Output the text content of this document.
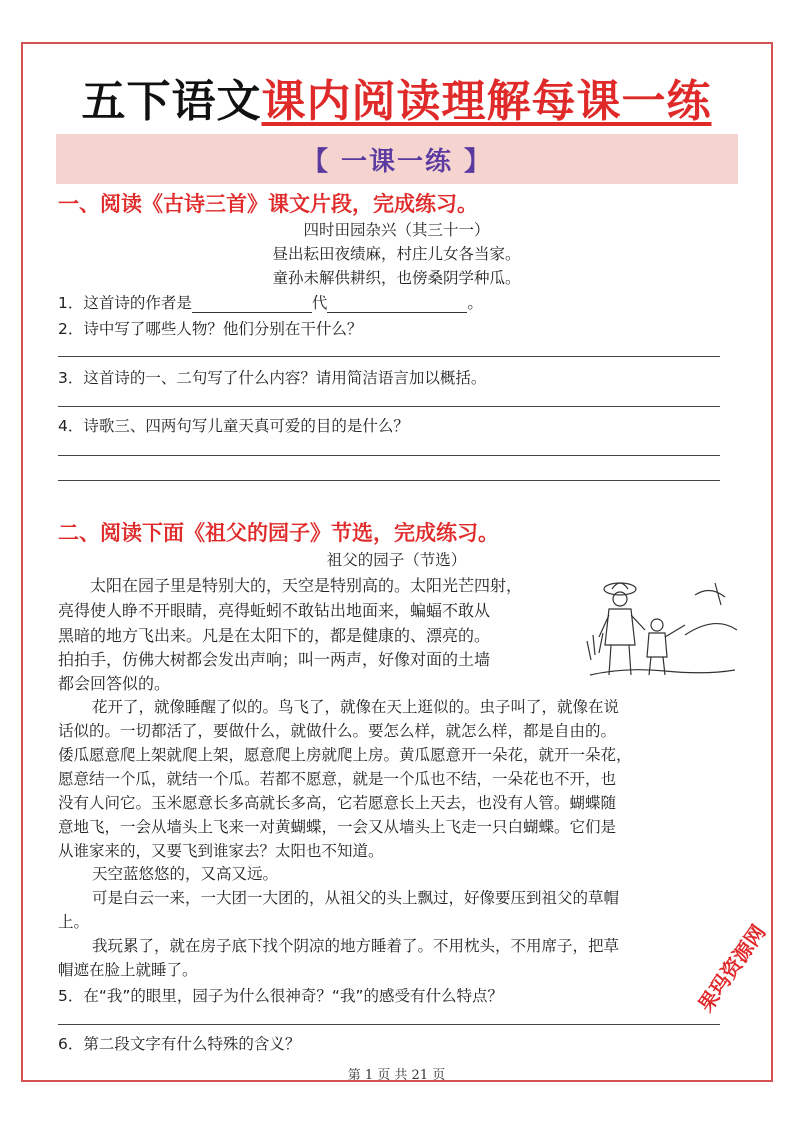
五下语文课内阅读理解每课一练
【 一课一练 】
一、阅读《古诗三首》课文片段，完成练习。
四时田园杂兴（其三十一）
昼出耘田夜绩麻，村庄儿女各当家。
童孙未解供耕织，也傍桑阴学种瓜。
1．这首诗的作者是	代	。
2．诗中写了哪些人物？他们分别在干什么？
3．这首诗的一、二句写了什么内容？请用简洁语言加以概括。
4．诗歌三、四两句写儿童天真可爱的目的是什么？
二、阅读下面《祖父的园子》节选，完成练习。
祖父的园子（节选）
太阳在园子里是特别大的，天空是特别高的。太阳光芒四射，
亮得使人睁不开眼睛，亮得蚯蚓不敢钻出地面来，蝙蝠不敢从
黑暗的地方飞出来。凡是在太阳下的，都是健康的、漂亮的。
拍拍手，仿佛大树都会发出声响；叫一两声，好像对面的土墙
都会回答似的。
花开了，就像睡醒了似的。鸟飞了，就像在天上逛似的。虫子叫了，就像在说
话似的。一切都活了，要做什么，就做什么。要怎么样，就怎么样，都是自由的。
倭瓜愿意爬上架就爬上架，愿意爬上房就爬上房。黄瓜愿意开一朵花，就开一朵花，
愿意结一个瓜，就结一个瓜。若都不愿意，就是一个瓜也不结，一朵花也不开，也
没有人问它。玉米愿意长多高就长多高，它若愿意长上天去，也没有人管。蝴蝶随
意地飞，一会从墙头上飞来一对黄蝴蝶，一会又从墙头上飞走一只白蝴蝶。它们是
从谁家来的，又要飞到谁家去？太阳也不知道。
天空蓝悠悠的，又高又远。
可是白云一来，一大团一大团的，从祖父的头上飘过，好像要压到祖父的草帽
上。
我玩累了，就在房子底下找个阴凉的地方睡着了。不用枕头，不用席子，把草
帽遮在脸上就睡了。
5．在“我”的眼里，园子为什么很神奇？“我”的感受有什么特点？
6．第二段文字有什么特殊的含义？
第 1 页 共 21 页
果玛资源网
